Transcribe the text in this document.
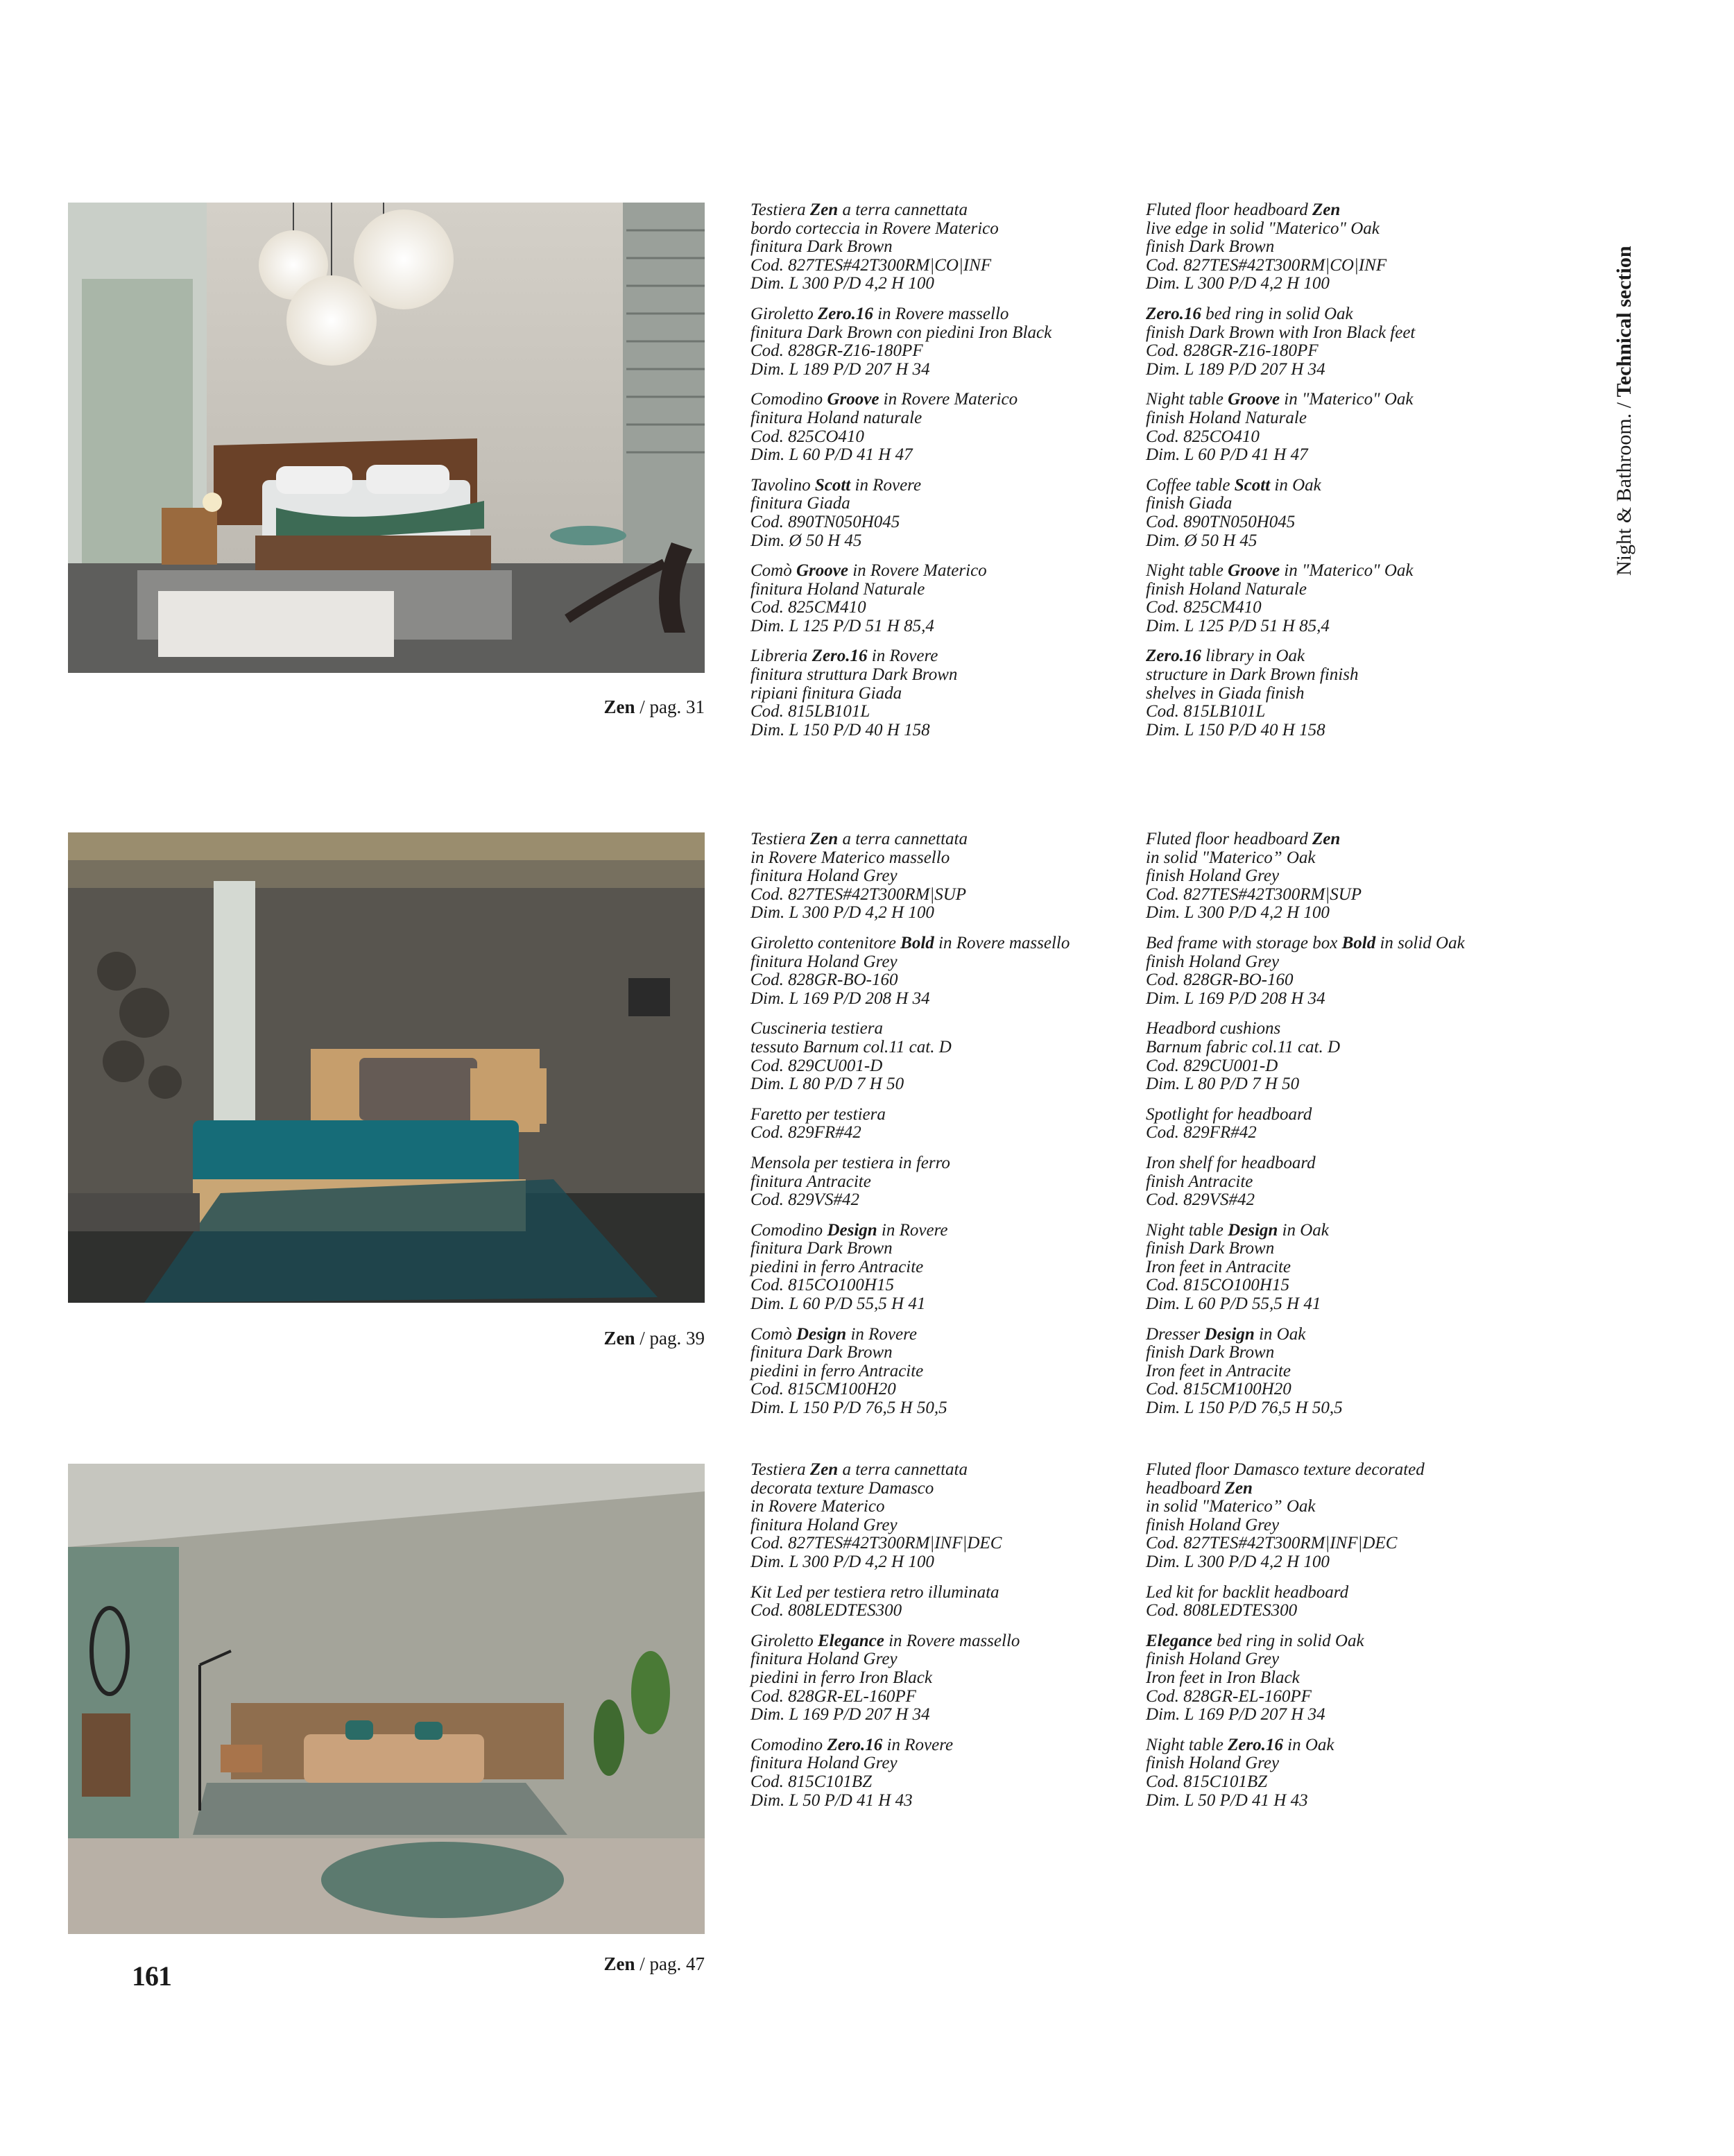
Zen / pag. 31
Testiera Zen a terra cannettata
bordo corteccia in Rovere Materico
finitura Dark Brown
Cod. 827TES#42T300RM|CO|INF
Dim. L 300 P/D 4,2 H 100
Giroletto Zero.16 in Rovere massello
finitura Dark Brown con piedini Iron Black
Cod. 828GR-Z16-180PF
Dim. L 189 P/D 207 H 34
Comodino Groove in Rovere Materico
finitura Holand naturale
Cod. 825CO410
Dim. L 60 P/D 41 H 47
Tavolino Scott in Rovere
finitura Giada
Cod. 890TN050H045
Dim. Ø 50 H 45
Comò Groove in Rovere Materico
finitura Holand Naturale
Cod. 825CM410
Dim. L 125 P/D 51 H 85,4
Libreria Zero.16 in Rovere
finitura struttura Dark Brown
ripiani finitura Giada
Cod. 815LB101L
Dim. L 150 P/D 40 H 158
Fluted floor headboard Zen
live edge in solid "Materico" Oak
finish Dark Brown
Cod. 827TES#42T300RM|CO|INF
Dim. L 300 P/D 4,2 H 100
Zero.16 bed ring in solid Oak
finish Dark Brown with Iron Black feet
Cod. 828GR-Z16-180PF
Dim. L 189 P/D 207 H 34
Night table Groove in "Materico" Oak
finish Holand Naturale
Cod. 825CO410
Dim. L 60 P/D 41 H 47
Coffee table Scott in Oak
finish Giada
Cod. 890TN050H045
Dim. Ø 50 H 45
Night table Groove in "Materico" Oak
finish Holand Naturale
Cod. 825CM410
Dim. L 125 P/D 51 H 85,4
Zero.16 library in Oak
structure in Dark Brown finish
shelves in Giada finish
Cod. 815LB101L
Dim. L 150 P/D 40 H 158
Zen / pag. 39
Testiera Zen a terra cannettata
in Rovere Materico massello
finitura Holand Grey
Cod. 827TES#42T300RM|SUP
Dim. L 300 P/D 4,2 H 100
Giroletto contenitore Bold in Rovere massello
finitura Holand Grey
Cod. 828GR-BO-160
Dim. L 169 P/D 208 H 34
Cuscineria testiera
tessuto Barnum col.11 cat. D
Cod. 829CU001-D
Dim. L 80 P/D 7 H 50
Faretto per testiera
Cod. 829FR#42
Mensola per testiera in ferro
finitura Antracite
Cod. 829VS#42
Comodino Design in Rovere
finitura Dark Brown
piedini in ferro Antracite
Cod. 815CO100H15
Dim. L 60 P/D 55,5 H 41
Comò Design in Rovere
finitura Dark Brown
piedini in ferro Antracite
Cod. 815CM100H20
Dim. L 150 P/D 76,5 H 50,5
Fluted floor headboard Zen
in solid "Materico” Oak
finish Holand Grey
Cod. 827TES#42T300RM|SUP
Dim. L 300 P/D 4,2 H 100
Bed frame with storage box Bold in solid Oak
finish Holand Grey
Cod. 828GR-BO-160
Dim. L 169 P/D 208 H 34
Headbord cushions
Barnum fabric col.11 cat. D
Cod. 829CU001-D
Dim. L 80 P/D 7 H 50
Spotlight for headboard
Cod. 829FR#42
Iron shelf for headboard
finish Antracite
Cod. 829VS#42
Night table Design in Oak
finish Dark Brown
Iron feet in Antracite
Cod. 815CO100H15
Dim. L 60 P/D 55,5 H 41
Dresser Design in Oak
finish Dark Brown
Iron feet in Antracite
Cod. 815CM100H20
Dim. L 150 P/D 76,5 H 50,5
Zen / pag. 47
Testiera Zen a terra cannettata
decorata texture Damasco
in Rovere Materico
finitura Holand Grey
Cod. 827TES#42T300RM|INF|DEC
Dim. L 300 P/D 4,2 H 100
Kit Led per testiera retro illuminata
Cod. 808LEDTES300
Giroletto Elegance in Rovere massello
finitura Holand Grey
piedini in ferro Iron Black
Cod. 828GR-EL-160PF
Dim. L 169 P/D 207 H 34
Comodino Zero.16 in Rovere
finitura Holand Grey
Cod. 815C101BZ
Dim. L 50 P/D 41 H 43
Fluted floor Damasco texture decorated
headboard Zen
in solid "Materico” Oak
finish Holand Grey
Cod. 827TES#42T300RM|INF|DEC
Dim. L 300 P/D 4,2 H 100
Led kit for backlit headboard
Cod. 808LEDTES300
Elegance bed ring in solid Oak
finish Holand Grey
Iron feet in Iron Black
Cod. 828GR-EL-160PF
Dim. L 169 P/D 207 H 34
Night table Zero.16 in Oak
finish Holand Grey
Cod. 815C101BZ
Dim. L 50 P/D 41 H 43
Night & Bathroom. / Technical section
161
